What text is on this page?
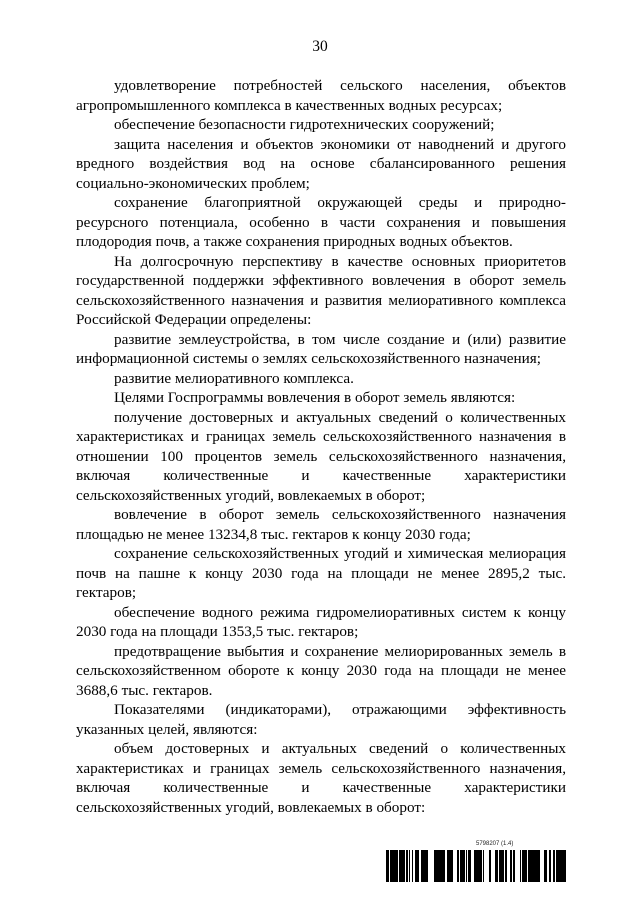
30

удовлетворение потребностей сельского населения, объектов агропромышленного комплекса в качественных водных ресурсах;

обеспечение безопасности гидротехнических сооружений;

защита населения и объектов экономики от наводнений и другого вредного воздействия вод на основе сбалансированного решения социально-экономических проблем;

сохранение благоприятной окружающей среды и природно-ресурсного потенциала, особенно в части сохранения и повышения плодородия почв, а также сохранения природных водных объектов.

На долгосрочную перспективу в качестве основных приоритетов государственной поддержки эффективного вовлечения в оборот земель сельскохозяйственного назначения и развития мелиоративного комплекса Российской Федерации определены:

развитие землеустройства, в том числе создание и (или) развитие информационной системы о землях сельскохозяйственного назначения;

развитие мелиоративного комплекса.

Целями Госпрограммы вовлечения в оборот земель являются:

получение достоверных и актуальных сведений о количественных характеристиках и границах земель сельскохозяйственного назначения в отношении 100 процентов земель сельскохозяйственного назначения, включая количественные и качественные характеристики сельскохозяйственных угодий, вовлекаемых в оборот;

вовлечение в оборот земель сельскохозяйственного назначения площадью не менее 13234,8 тыс. гектаров к концу 2030 года;

сохранение сельскохозяйственных угодий и химическая мелиорация почв на пашне к концу 2030 года на площади не менее 2895,2 тыс. гектаров;

обеспечение водного режима гидромелиоративных систем к концу 2030 года на площади 1353,5 тыс. гектаров;

предотвращение выбытия и сохранение мелиорированных земель в сельскохозяйственном обороте к концу 2030 года на площади не менее 3688,6 тыс. гектаров.

Показателями (индикаторами), отражающими эффективность указанных целей, являются:

объем достоверных и актуальных сведений о количественных характеристиках и границах земель сельскохозяйственного назначения, включая количественные и качественные характеристики сельскохозяйственных угодий, вовлекаемых в оборот:

5798207 (1.4)
